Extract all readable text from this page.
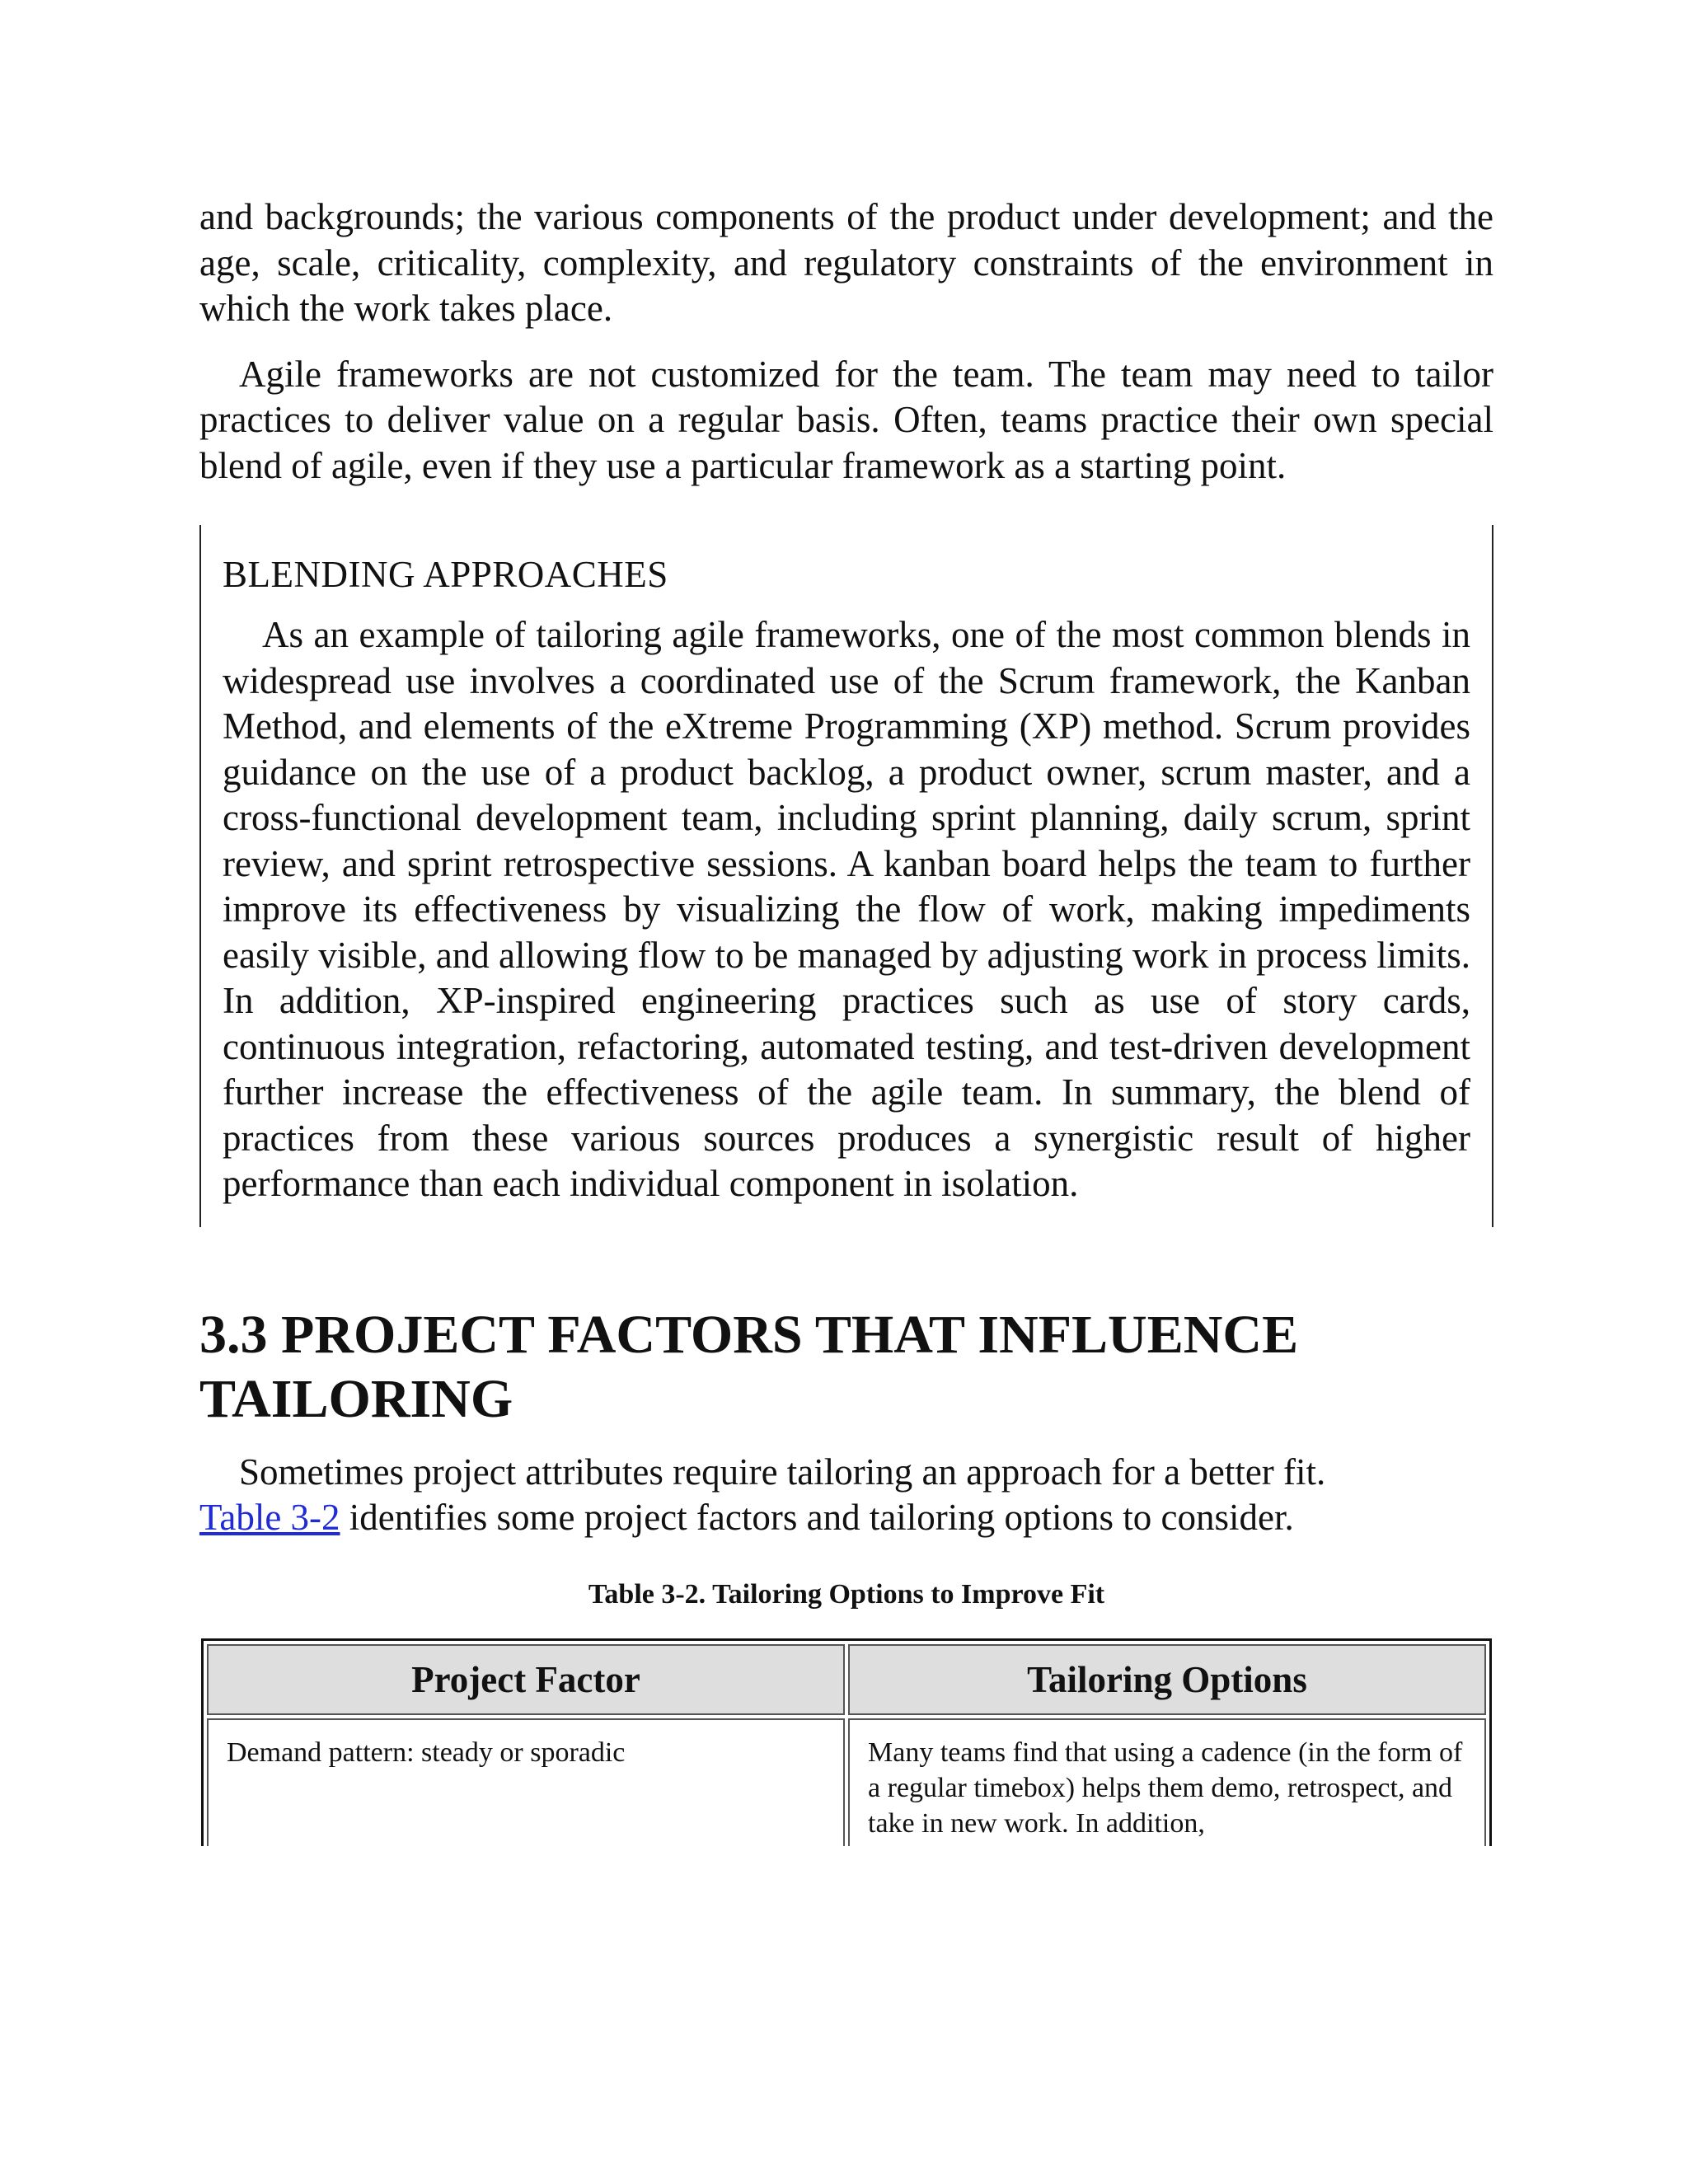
and backgrounds; the various components of the product under development; and the age, scale, criticality, complexity, and regulatory constraints of the environment in which the work takes place.

Agile frameworks are not customized for the team. The team may need to tailor practices to deliver value on a regular basis. Often, teams practice their own special blend of agile, even if they use a particular framework as a starting point.

BLENDING APPROACHES

As an example of tailoring agile frameworks, one of the most common blends in widespread use involves a coordinated use of the Scrum framework, the Kanban Method, and elements of the eXtreme Programming (XP) method. Scrum provides guidance on the use of a product backlog, a product owner, scrum master, and a cross-functional development team, including sprint planning, daily scrum, sprint review, and sprint retrospective sessions. A kanban board helps the team to further improve its effectiveness by visualizing the flow of work, making impediments easily visible, and allowing flow to be managed by adjusting work in process limits. In addition, XP-inspired engineering practices such as use of story cards, continuous integration, refactoring, automated testing, and test-driven development further increase the effectiveness of the agile team. In summary, the blend of practices from these various sources produces a synergistic result of higher performance than each individual component in isolation.

3.3 PROJECT FACTORS THAT INFLUENCE TAILORING

Sometimes project attributes require tailoring an approach for a better fit.
Table 3-2 identifies some project factors and tailoring options to consider.

Table 3-2. Tailoring Options to Improve Fit
Project Factor	Tailoring Options
Demand pattern: steady or sporadic	Many teams find that using a cadence (in the form of a regular timebox) helps them demo, retrospect, and take in new work. In addition,
